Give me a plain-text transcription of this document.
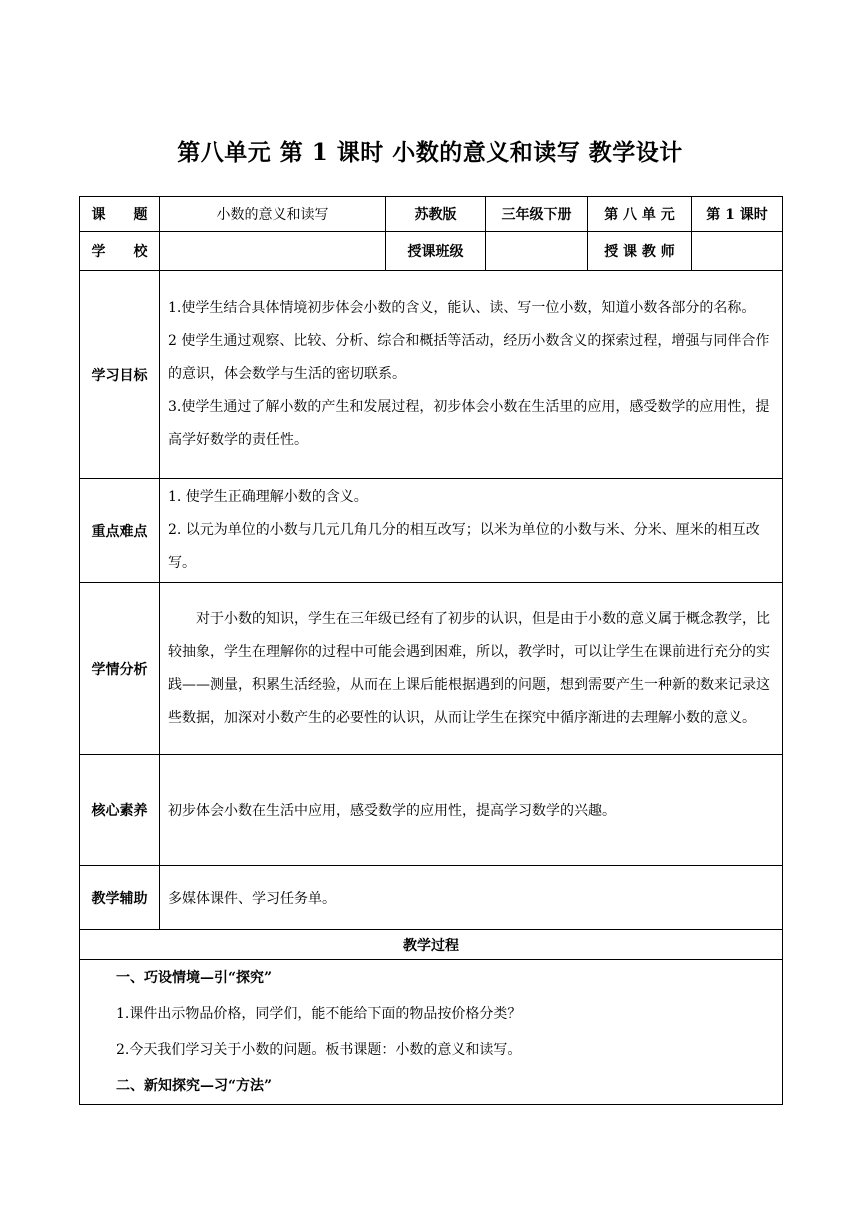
第八单元 第 1 课时 小数的意义和读写 教学设计
课　　题	小数的意义和读写	苏教版	三年级下册	第 八 单 元	第 1 课时
学　　校		授课班级		授 课 教 师	
学习目标	1.使学生结合具体情境初步体会小数的含义，能认、读、写一位小数，知道小数各部分的名称。

2 使学生通过观察、比较、分析、综合和概括等活动，经历小数含义的探索过程，增强与同伴合作的意识，体会数学与生活的密切联系。

3.使学生通过了解小数的产生和发展过程，初步体会小数在生活里的应用，感受数学的应用性，提高学好数学的责任性。				

重点难点	1. 使学生正确理解小数的含义。

2. 以元为单位的小数与几元几角几分的相互改写；以米为单位的小数与米、分米、厘米的相互改写。				

学情分析	对于小数的知识，学生在三年级已经有了初步的认识，但是由于小数的意义属于概念教学，比较抽象，学生在理解你的过程中可能会遇到困难，所以，教学时，可以让学生在课前进行充分的实践——测量，积累生活经验，从而在上课后能根据遇到的问题，想到需要产生一种新的数来记录这些数据，加深对小数产生的必要性的认识，从而让学生在探究中循序渐进的去理解小数的意义。				

核心素养	初步体会小数在生活中应用，感受数学的应用性，提高学习数学的兴趣。				
教学辅助	多媒体课件、学习任务单。				
教学过程					

一、巧设情境—引“探究”

1.课件出示物品价格，同学们，能不能给下面的物品按价格分类？

2.今天我们学习关于小数的问题。板书课题：小数的意义和读写。

二、新知探究—习“方法”					
